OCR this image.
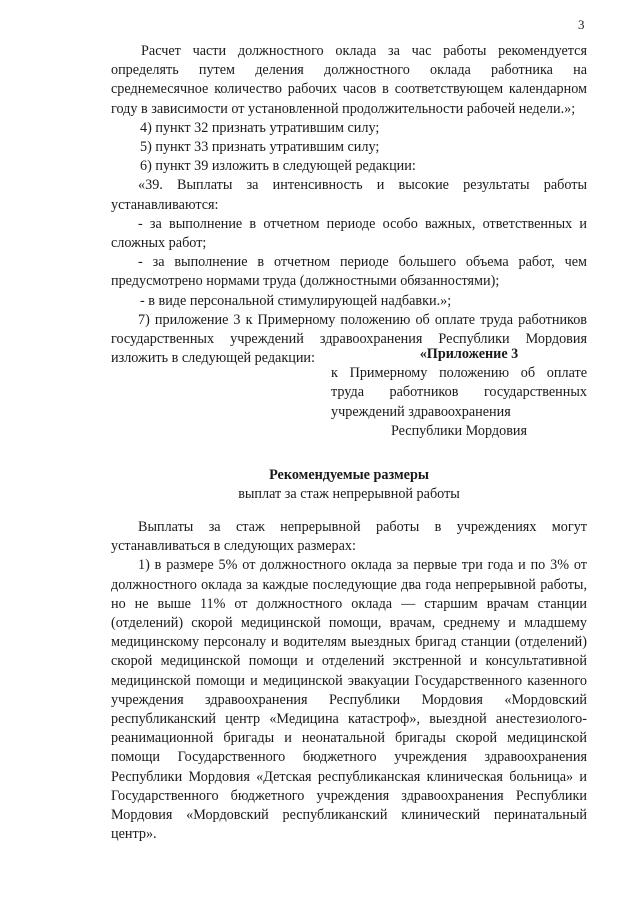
3

Расчет части должностного оклада за час работы рекомендуется определять путем деления должностного оклада работника на среднемесячное количество рабочих часов в соответствующем календарном году в зависимости от установленной продолжительности рабочей недели.»;

4) пункт 32 признать утратившим силу;

5) пункт 33 признать утратившим силу;

6) пункт 39 изложить в следующей редакции:

«39. Выплаты за интенсивность и высокие результаты работы устанавливаются:

- за выполнение в отчетном периоде особо важных, ответственных и сложных работ;

- за выполнение в отчетном периоде большего объема работ, чем предусмотрено нормами труда (должностными обязанностями);

- в виде персональной стимулирующей надбавки.»;

7) приложение 3 к Примерному положению об оплате труда работников государственных учреждений здравоохранения Республики Мордовия изложить в следующей редакции:	«Приложение 3
к Примерному положению об оплате труда работников государственных учреждений здравоохранения
Республики Мордовия
Рекомендуемые размеры
выплат за стаж непрерывной работы

Выплаты за стаж непрерывной работы в учреждениях могут устанавливаться в следующих размерах:

1) в размере 5% от должностного оклада за первые три года и по 3% от должностного оклада за каждые последующие два года непрерывной работы, но не выше 11% от должностного оклада — старшим врачам станции (отделений) скорой медицинской помощи, врачам, среднему и младшему медицинскому персоналу и водителям выездных бригад станции (отделений) скорой медицинской помощи и отделений экстренной и консультативной медицинской помощи и медицинской эвакуации Государственного казенного учреждения здравоохранения Республики Мордовия «Мордовский республиканский центр «Медицина катастроф», выездной анестезиолого-реанимационной бригады и неонатальной бригады скорой медицинской помощи Государственного бюджетного учреждения здравоохранения Республики Мордовия «Детская республиканская клиническая больница» и Государственного бюджетного учреждения здравоохранения Республики Мордовия «Мордовский республиканский клинический перинатальный центр».
